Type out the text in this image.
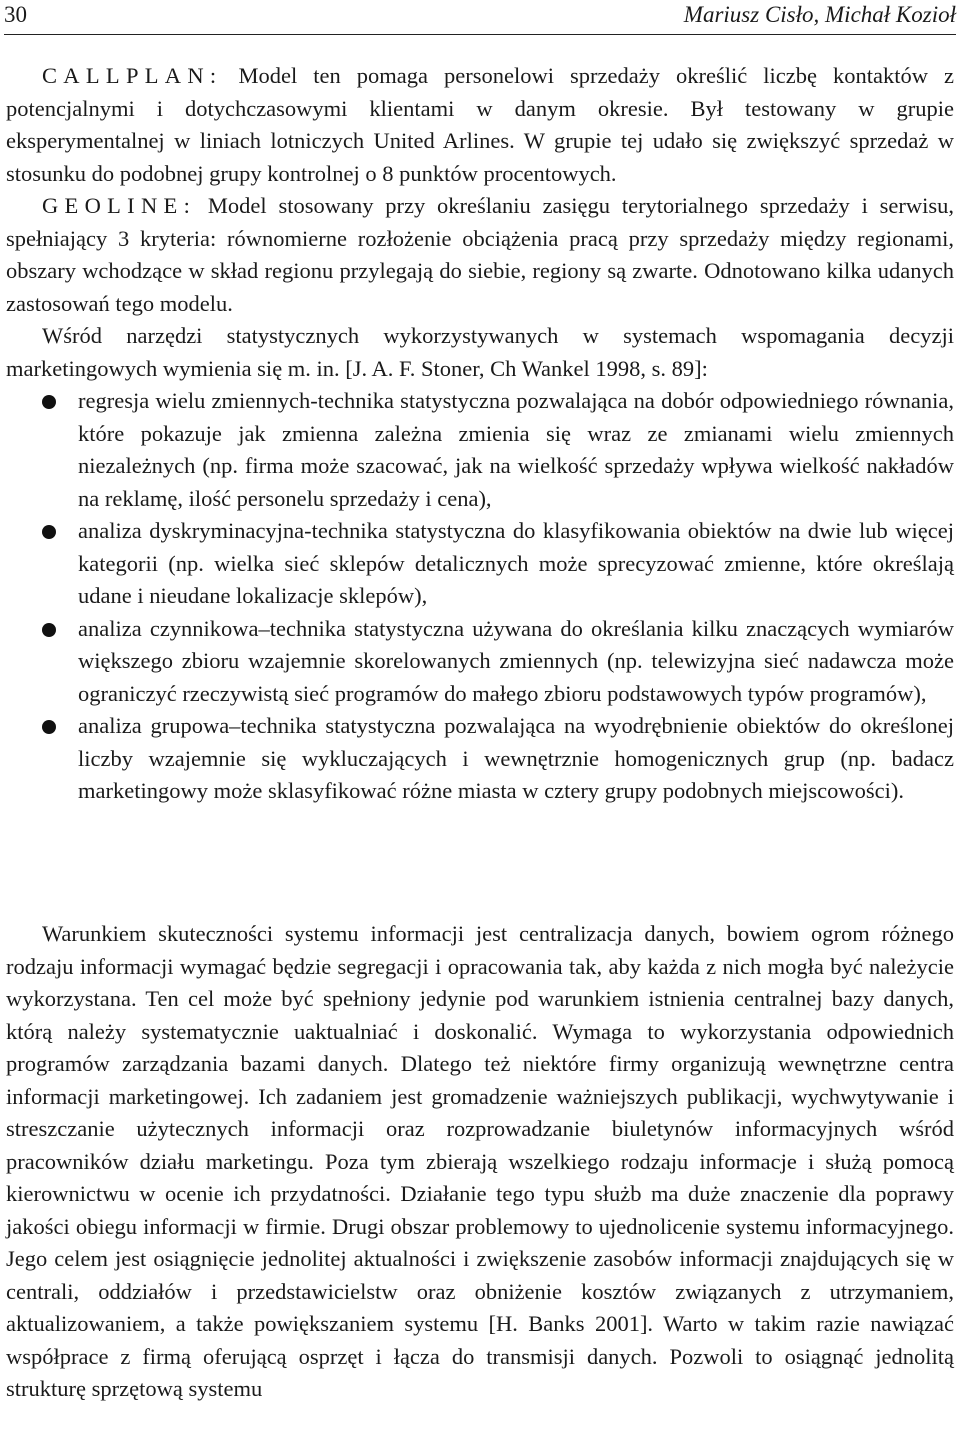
30	Mariusz Cisło, Michał Kozioł

CALLPLAN: Model ten pomaga personelowi sprzedaży określić liczbę kontaktów z potencjalnymi i dotychczasowymi klientami w danym okresie. Był testowany w grupie eksperymentalnej w liniach lotniczych United Arlines. W grupie tej udało się zwiększyć sprzedaż w stosunku do podobnej grupy kontrolnej o 8 punktów procentowych.

GEOLINE: Model stosowany przy określaniu zasięgu terytorialnego sprzedaży i serwisu, spełniający 3 kryteria: równomierne rozłożenie obciążenia pracą przy sprzedaży między regionami, obszary wchodzące w skład regionu przylegają do siebie, regiony są zwarte. Odnotowano kilka udanych zastosowań tego modelu.

Wśród narzędzi statystycznych wykorzystywanych w systemach wspomagania decyzji marketingowych wymienia się m. in. [J. A. F. Stoner, Ch Wankel 1998, s. 89]:

regresja wielu zmiennych-technika statystyczna pozwalająca na dobór odpowiedniego równania, które pokazuje jak zmienna zależna zmienia się wraz ze zmianami wielu zmiennych niezależnych (np. firma może szacować, jak na wielkość sprzedaży wpływa wielkość nakładów na reklamę, ilość personelu sprzedaży i cena),
analiza dyskryminacyjna-technika statystyczna do klasyfikowania obiektów na dwie lub więcej kategorii (np. wielka sieć sklepów detalicznych może sprecyzować zmienne, które określają udane i nieudane lokalizacje sklepów),
analiza czynnikowa–technika statystyczna używana do określania kilku znaczących wymiarów większego zbioru wzajemnie skorelowanych zmiennych (np. telewizyjna sieć nadawcza może ograniczyć rzeczywistą sieć programów do małego zbioru podstawowych typów programów),
analiza grupowa–technika statystyczna pozwalająca na wyodrębnienie obiektów do określonej liczby wzajemnie się wykluczających i wewnętrznie homogenicznych grup (np. badacz marketingowy może sklasyfikować różne miasta w cztery grupy podobnych miejscowości).

Warunkiem skuteczności systemu informacji jest centralizacja danych, bowiem ogrom różnego rodzaju informacji wymagać będzie segregacji i opracowania tak, aby każda z nich mogła być należycie wykorzystana. Ten cel może być spełniony jedynie pod warunkiem istnienia centralnej bazy danych, którą należy systematycznie uaktualniać i doskonalić. Wymaga to wykorzystania odpowiednich programów zarządzania bazami danych. Dlatego też niektóre firmy organizują wewnętrzne centra informacji marketingowej. Ich zadaniem jest gromadzenie ważniejszych publikacji, wychwytywanie i streszczanie użytecznych informacji oraz rozprowadzanie biuletynów informacyjnych wśród pracowników działu marketingu. Poza tym zbierają wszelkiego rodzaju informacje i służą pomocą kierownictwu w ocenie ich przydatności. Działanie tego typu służb ma duże znaczenie dla poprawy jakości obiegu informacji w firmie. Drugi obszar problemowy to ujednolicenie systemu informacyjnego. Jego celem jest osiągnięcie jednolitej aktualności i zwiększenie zasobów informacji znajdujących się w centrali, oddziałów i przedstawicielstw oraz obniżenie kosztów związanych z utrzymaniem, aktualizowaniem, a także powiększaniem systemu [H. Banks 2001]. Warto w takim razie nawiązać współprace z firmą oferującą osprzęt i łącza do transmisji danych. Pozwoli to osiągnąć jednolitą strukturę sprzętową systemu
